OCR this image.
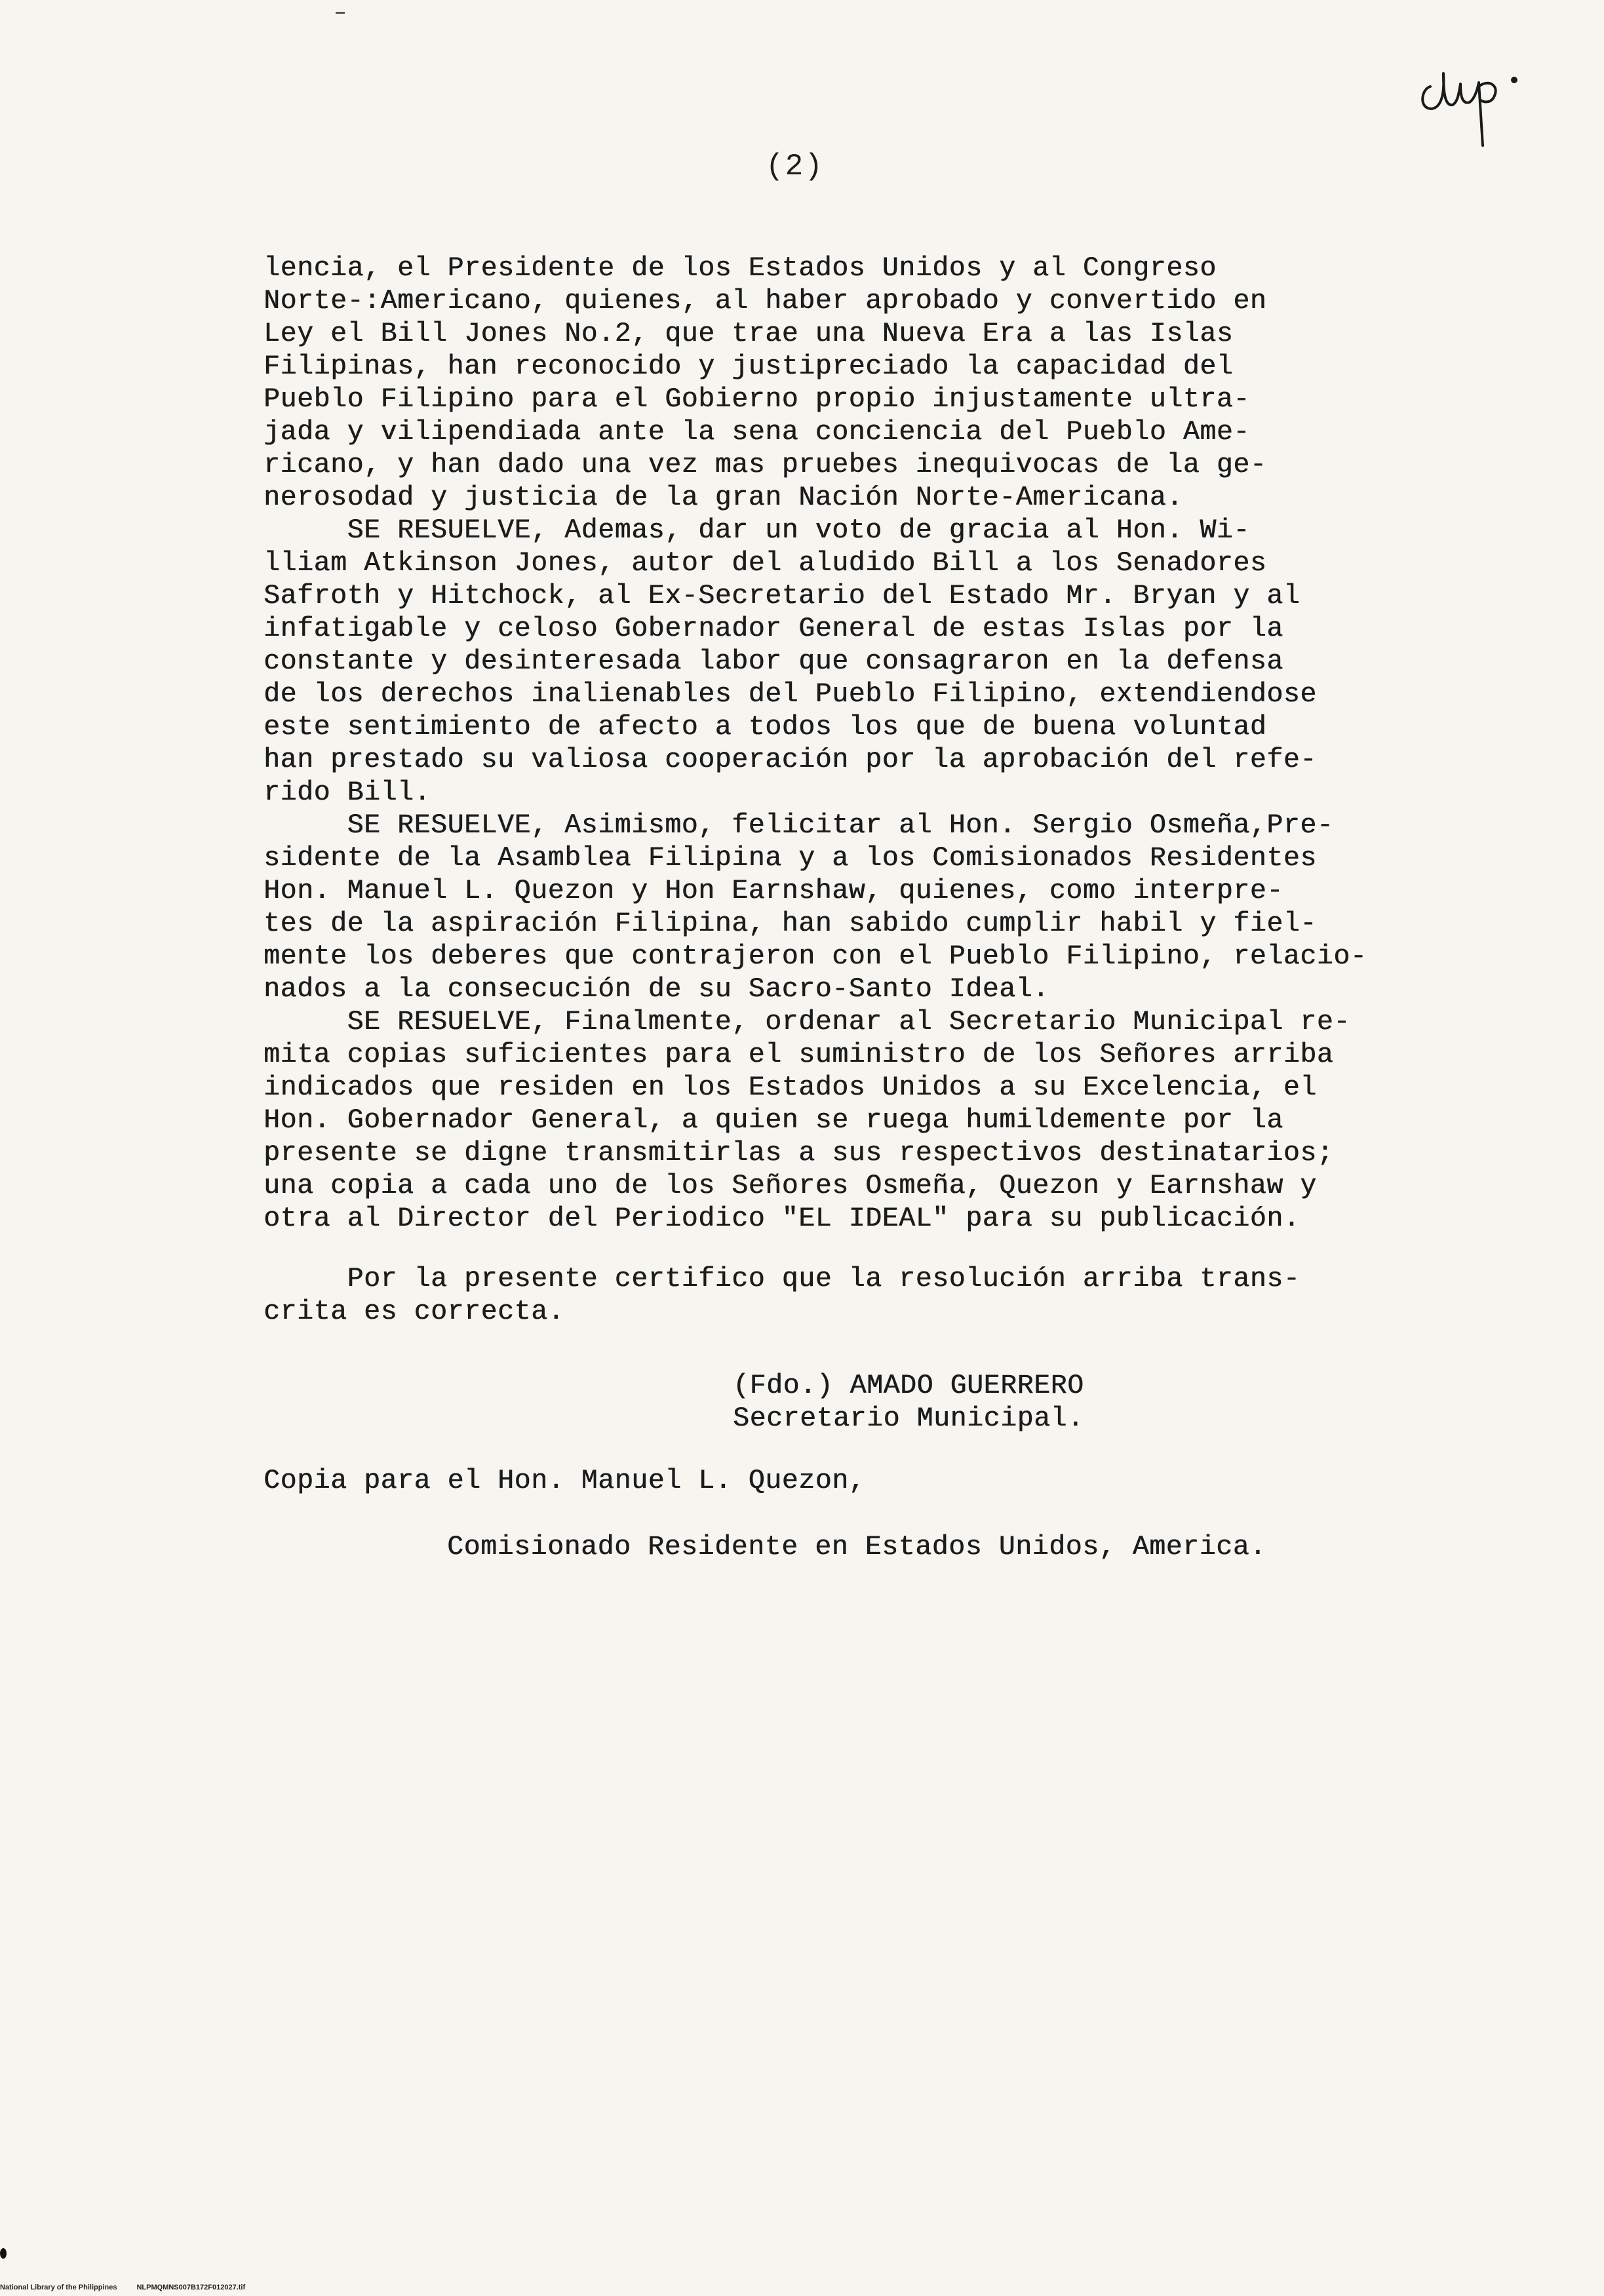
(2)
lencia, el Presidente de los Estados Unidos y al Congreso
Norte-:Americano, quienes, al haber aprobado y convertido en
Ley el Bill Jones No.2, que trae una Nueva Era a las Islas
Filipinas, han reconocido y justipreciado la capacidad del
Pueblo Filipino para el Gobierno propio injustamente ultra-
jada y vilipendiada ante la sena conciencia del Pueblo Ame-
ricano, y han dado una vez mas pruebes inequivocas de la ge-
nerosodad y justicia de la gran Nación Norte-Americana.
SE RESUELVE, Ademas, dar un voto de gracia al Hon. Wi-
lliam Atkinson Jones, autor del aludido Bill a los Senadores
Safroth y Hitchock, al Ex-Secretario del Estado Mr. Bryan y al
infatigable y celoso Gobernador General de estas Islas por la
constante y desinteresada labor que consagraron en la defensa
de los derechos inalienables del Pueblo Filipino, extendiendose
este sentimiento de afecto a todos los que de buena voluntad
han prestado su valiosa cooperación por la aprobación del refe-
rido Bill.
SE RESUELVE, Asimismo, felicitar al Hon. Sergio Osmeña,Pre-
sidente de la Asamblea Filipina y a los Comisionados Residentes
Hon. Manuel L. Quezon y Hon Earnshaw, quienes, como interpre-
tes de la aspiración Filipina, han sabido cumplir habil y fiel-
mente los deberes que contrajeron con el Pueblo Filipino, relacio-
nados a la consecución de su Sacro-Santo Ideal.
SE RESUELVE, Finalmente, ordenar al Secretario Municipal re-
mita copias suficientes para el suministro de los Señores arriba
indicados que residen en los Estados Unidos a su Excelencia, el
Hon. Gobernador General, a quien se ruega humildemente por la
presente se digne transmitirlas a sus respectivos destinatarios;
una copia a cada uno de los Señores Osmeña, Quezon y Earnshaw y
otra al Director del Periodico "EL IDEAL" para su publicación.
Por la presente certifico que la resolución arriba trans-
crita es correcta.
(Fdo.) AMADO GUERRERO
Secretario Municipal.
Copia para el Hon. Manuel L. Quezon,
Comisionado Residente en Estados Unidos, America.
National Library of the Philippines	NLPMQMNS007B172F012027.tif
